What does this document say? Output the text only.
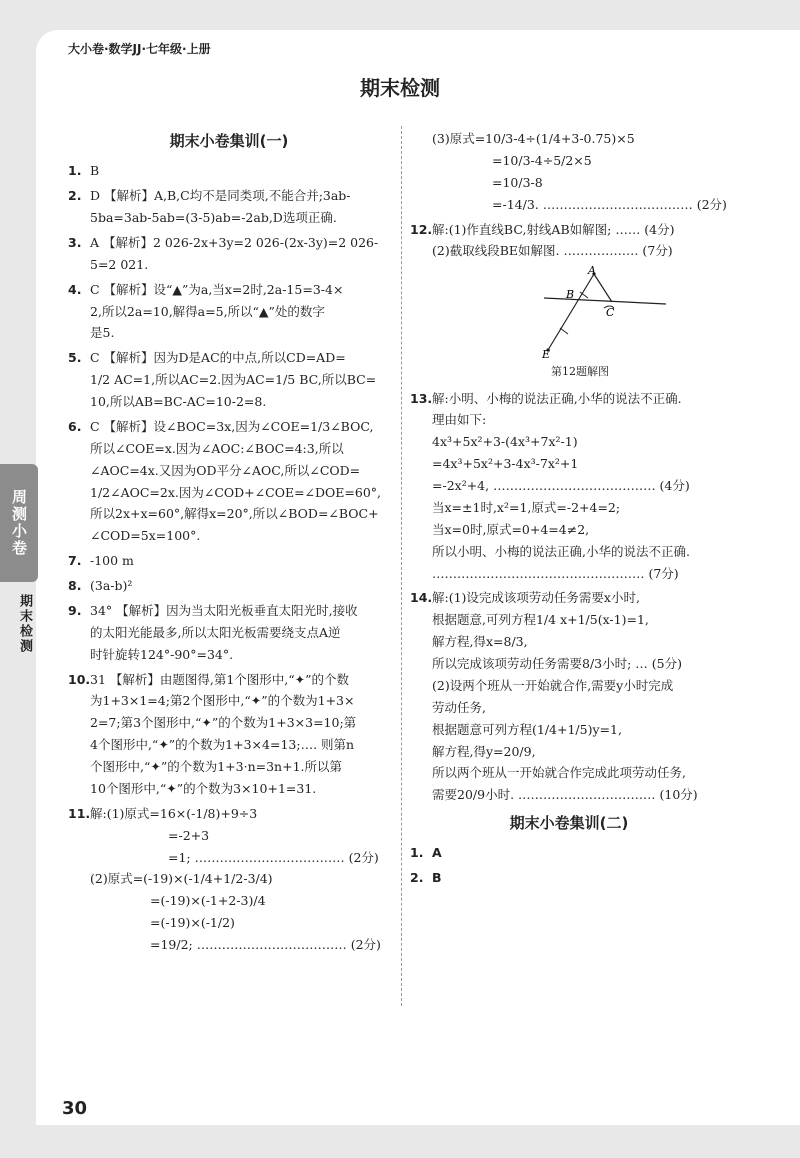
大小卷·数学JJ·七年级·上册
期末检测
周测小卷
期末检测
期末小卷集训(一)
1. B
2. D 【解析】A,B,C均不是同类项,不能合并;3ab-
5ba=3ab-5ab=(3-5)ab=-2ab,D选项正确.
3. A 【解析】2 026-2x+3y=2 026-(2x-3y)=2 026-
5=2 021.
4. C 【解析】设“▲”为a,当x=2时,2a-15=3-4×
2,所以2a=10,解得a=5,所以“▲”处的数字
是5.
5. C 【解析】因为D是AC的中点,所以CD=AD=
1/2 AC=1,所以AC=2.因为AC=1/5 BC,所以BC=
10,所以AB=BC-AC=10-2=8.
6. C 【解析】设∠BOC=3x,因为∠COE=1/3∠BOC,
所以∠COE=x.因为∠AOC:∠BOC=4:3,所以
∠AOC=4x.又因为OD平分∠AOC,所以∠COD=
1/2∠AOC=2x.因为∠COD+∠COE=∠DOE=60°,
所以2x+x=60°,解得x=20°,所以∠BOD=∠BOC+
∠COD=5x=100°.
7. -100 m
8. (3a-b)²
9. 34° 【解析】因为当太阳光板垂直太阳光时,接收
的太阳光能最多,所以太阳光板需要绕支点A逆
时针旋转124°-90°=34°.
10. 31 【解析】由题图得,第1个图形中,“✦”的个数
为1+3×1=4;第2个图形中,“✦”的个数为1+3×
2=7;第3个图形中,“✦”的个数为1+3×3=10;第
4个图形中,“✦”的个数为1+3×4=13;…. 则第n
个图形中,“✦”的个数为1+3·n=3n+1.所以第
10个图形中,“✦”的个数为3×10+1=31.
11. 解:(1)原式=16×(-1/8)+9÷3
=-2+3
=1; ……………………………… (2分)
(2)原式=(-19)×(-1/4+1/2-3/4)
=(-19)×(-1+2-3)/4
=(-19)×(-1/2)
=19/2; ……………………………… (2分)
(3)原式=10/3-4÷(1/4+3-0.75)×5
=10/3-4÷5/2×5
=10/3-8
=-14/3. ……………………………… (2分)
12. 解:(1)作直线BC,射线AB如解图; …… (4分)
(2)截取线段BE如解图. ……………… (7分)
A
B
C
E
第12题解图
13. 解:小明、小梅的说法正确,小华的说法不正确.
理由如下:
4x³+5x²+3-(4x³+7x²-1)
=4x³+5x²+3-4x³-7x²+1
=-2x²+4, ………………………………… (4分)
当x=±1时,x²=1,原式=-2+4=2;
当x=0时,原式=0+4=4≠2,
所以小明、小梅的说法正确,小华的说法不正确.
…………………………………………… (7分)
14. 解:(1)设完成该项劳动任务需要x小时,
根据题意,可列方程1/4 x+1/5(x-1)=1,
解方程,得x=8/3,
所以完成该项劳动任务需要8/3小时; … (5分)
(2)设两个班从一开始就合作,需要y小时完成
劳动任务,
根据题意可列方程(1/4+1/5)y=1,
解方程,得y=20/9,
所以两个班从一开始就合作完成此项劳动任务,
需要20/9小时. …………………………… (10分)
期末小卷集训(二)
1. A
2. B
30
